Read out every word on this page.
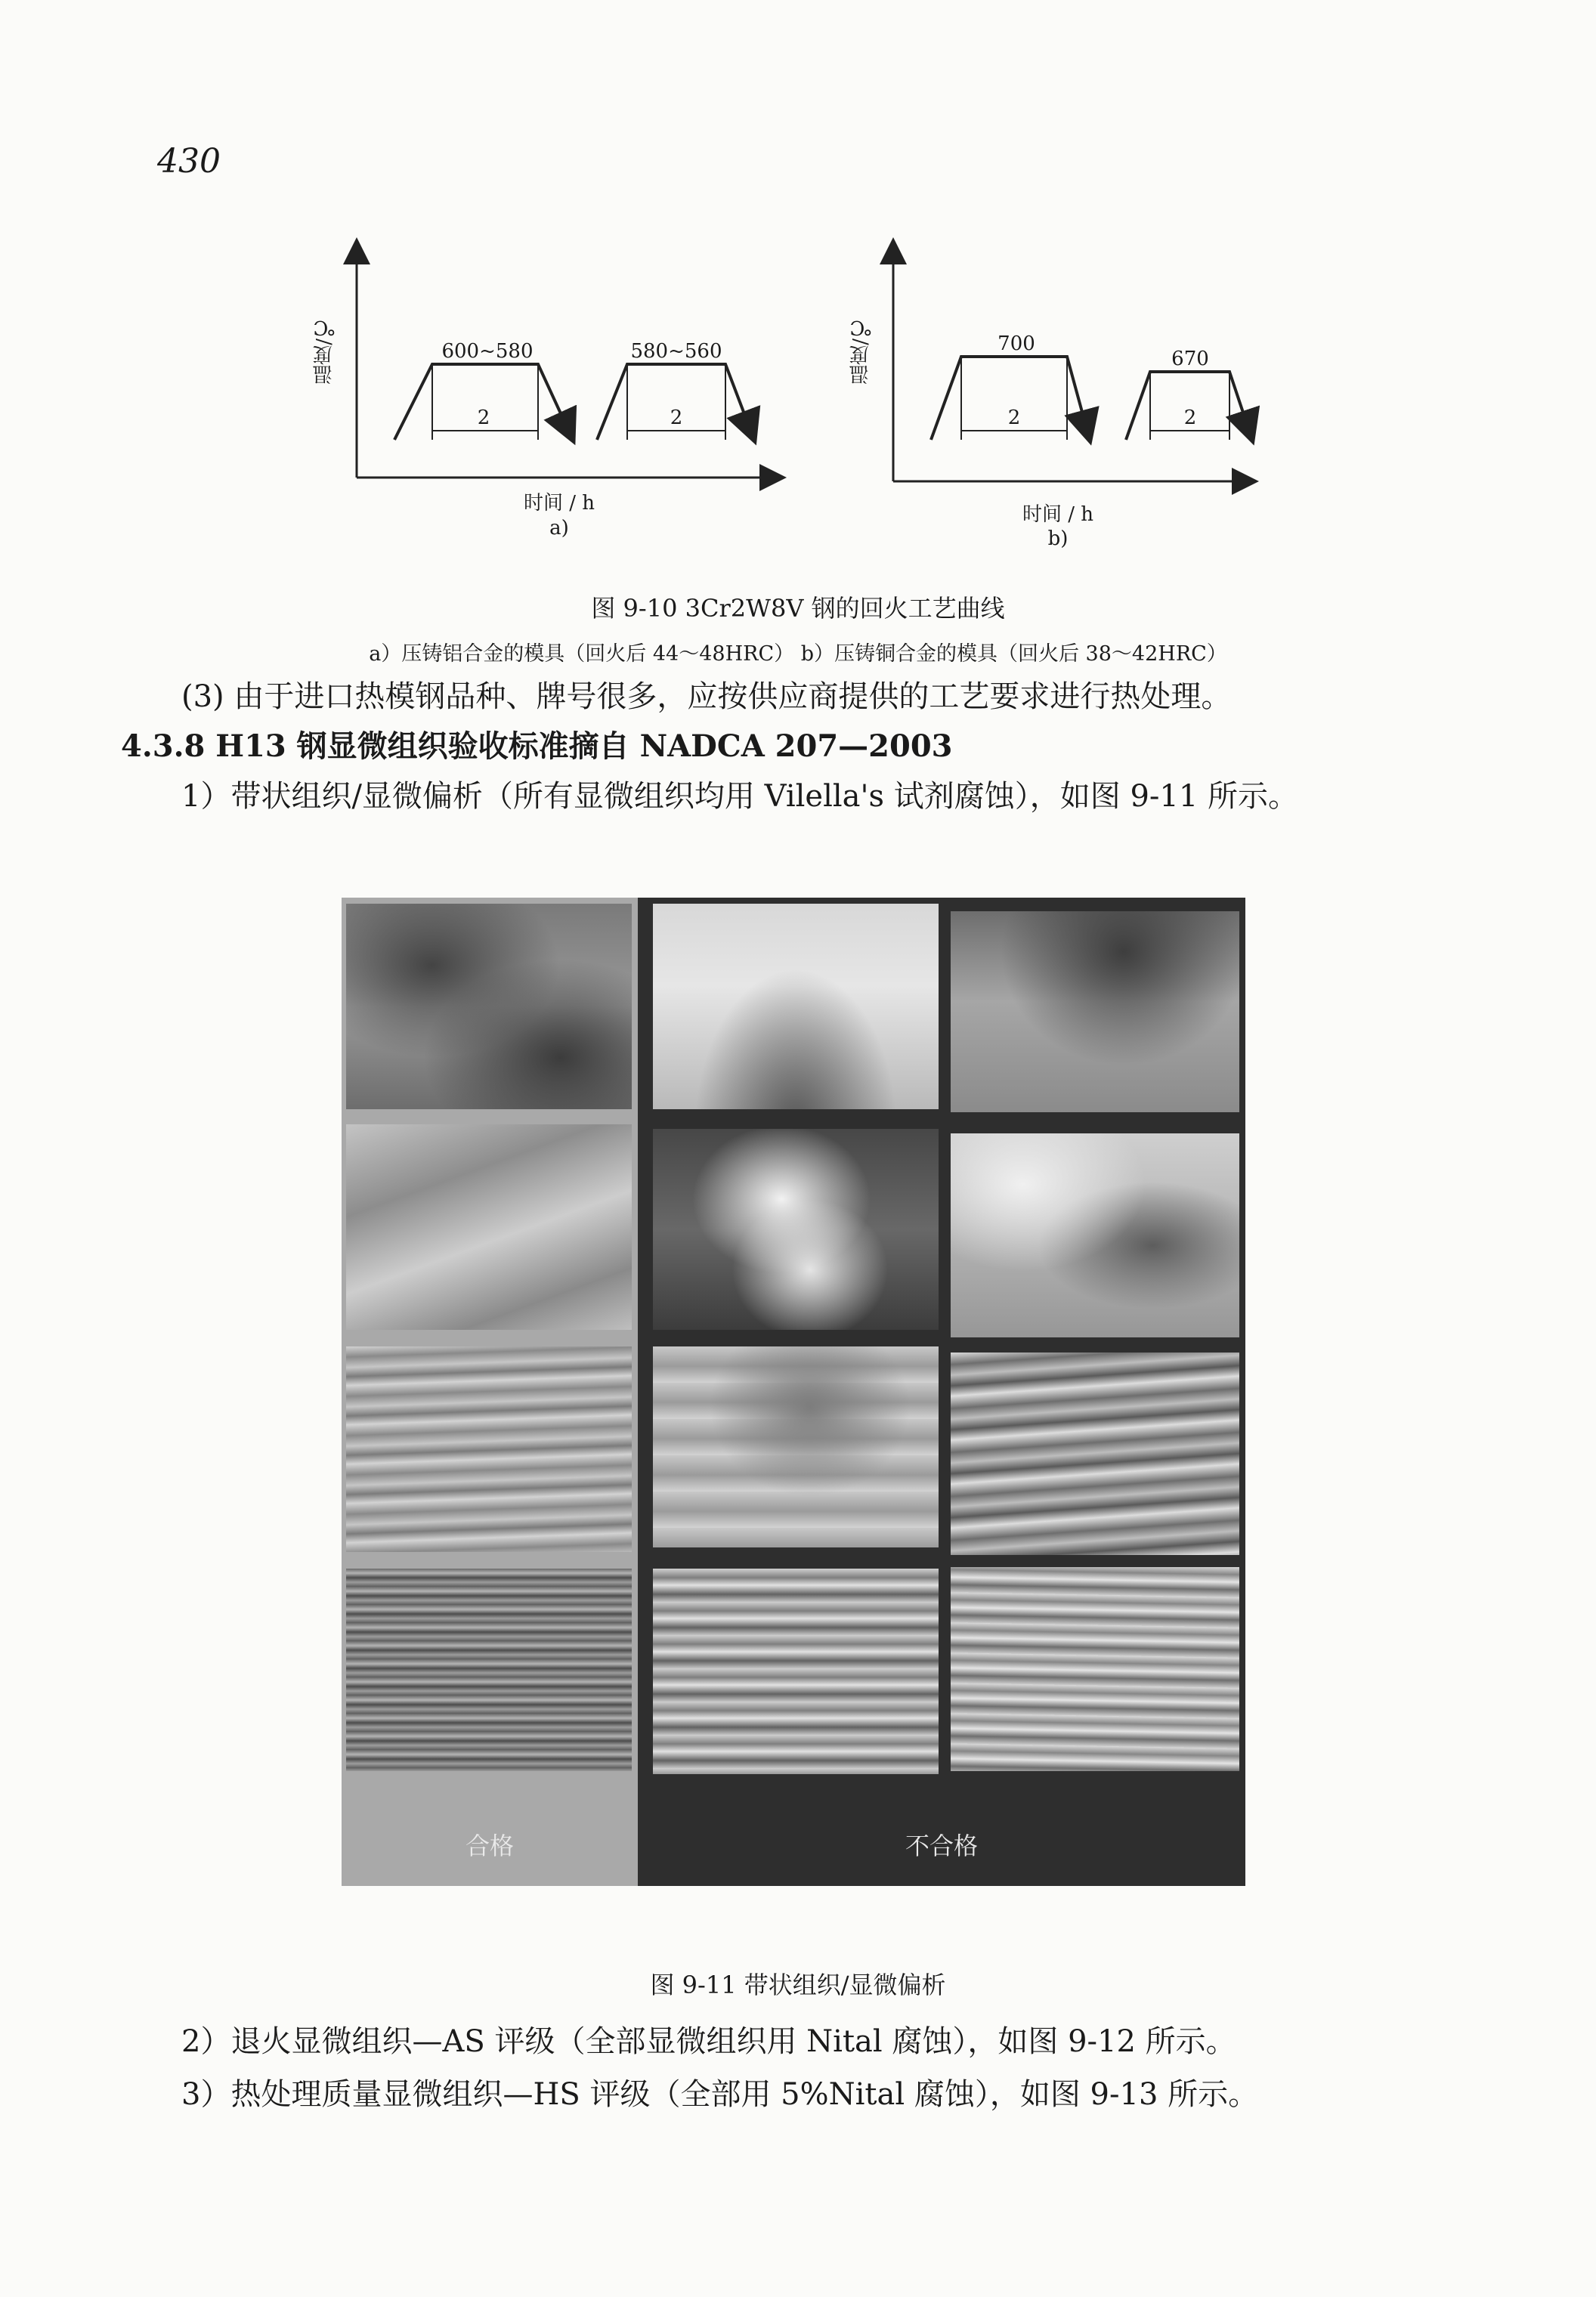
430
温度/℃	600~580	580~560
2	2
时间 / h
a)
温度/℃	700
670
2	2
时间 / h
b)
图 9-10 3Cr2W8V 钢的回火工艺曲线
a）压铸铝合金的模具（回火后 44～48HRC） b）压铸铜合金的模具（回火后 38～42HRC）
(3) 由于进口热模钢品种、牌号很多，应按供应商提供的工艺要求进行热处理。
4.3.8 H13 钢显微组织验收标准摘自 NADCA 207—2003
1）带状组织/显微偏析（所有显微组织均用 Vilella's 试剂腐蚀），如图 9-11 所示。
合格	不合格
图 9-11 带状组织/显微偏析
2）退火显微组织—AS 评级（全部显微组织用 Nital 腐蚀），如图 9-12 所示。
3）热处理质量显微组织—HS 评级（全部用 5%Nital 腐蚀），如图 9-13 所示。
